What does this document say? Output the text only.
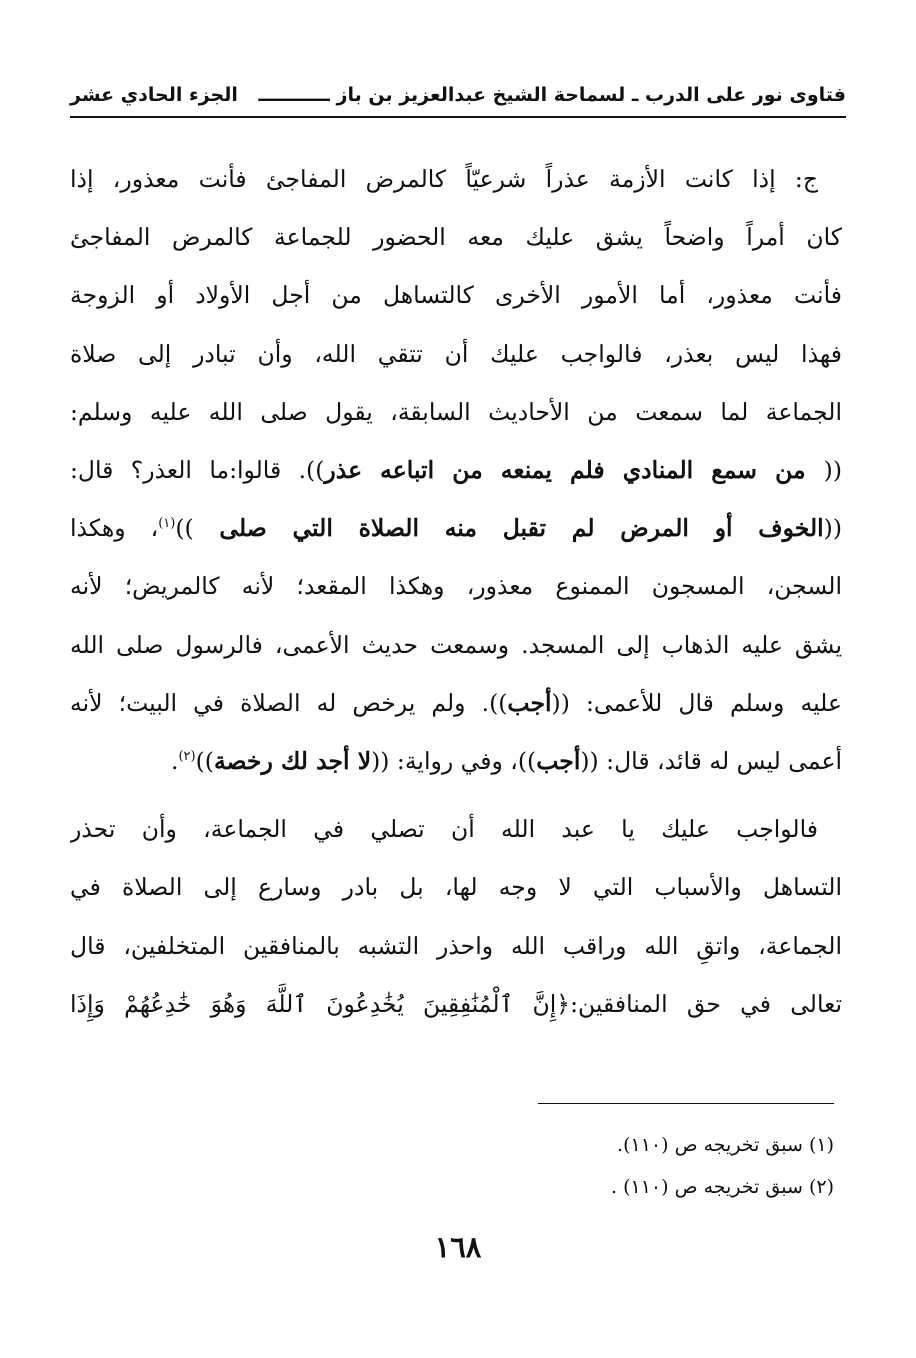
فتاوى نور على الدرب ـ لسماحة الشيخ عبدالعزيز بن باز ـــــــــــ
الجزء الحادي عشر

ج: إذا كانت الأزمة عذراً شرعيّاً كالمرض المفاجئ فأنت معذور، إذا
كان أمراً واضحاً يشق عليك معه الحضور للجماعة كالمرض المفاجئ
فأنت معذور، أما الأمور الأخرى كالتساهل من أجل الأولاد أو الزوجة
فهذا ليس بعذر، فالواجب عليك أن تتقي الله، وأن تبادر إلى صلاة
الجماعة لما سمعت من الأحاديث السابقة، يقول صلى الله عليه وسلم:
(( من سمع المنادي فلم يمنعه من اتباعه عذر)). قالوا:ما العذر؟ قال:
((الخوف أو المرض لم تقبل منه الصلاة التي صلى ))$^{(١)}$، وهكذا
السجن، المسجون الممنوع معذور، وهكذا المقعد؛ لأنه كالمريض؛ لأنه
يشق عليه الذهاب إلى المسجد. وسمعت حديث الأعمى، فالرسول صلى الله
عليه وسلم قال للأعمى: ((أجب)). ولم يرخص له الصلاة في البيت؛ لأنه
أعمى ليس له قائد، قال: ((أجب))، وفي رواية: ((لا أجد لك رخصة))$^{(٢)}$.

فالواجب عليك يا عبد الله أن تصلي في الجماعة، وأن تحذر
التساهل والأسباب التي لا وجه لها، بل بادر وسارع إلى الصلاة في
الجماعة، واتقِ الله وراقب الله واحذر التشبه بالمنافقين المتخلفين، قال
تعالى في حق المنافقين:﴿إِنَّ ٱلْمُنَٰفِقِينَ يُخَٰدِعُونَ ٱللَّهَ وَهُوَ خَٰدِعُهُمْ وَإِذَا

(١) سبق تخريجه ص (١١٠).
(٢) سبق تخريجه ص (١١٠) .
١٦٨
